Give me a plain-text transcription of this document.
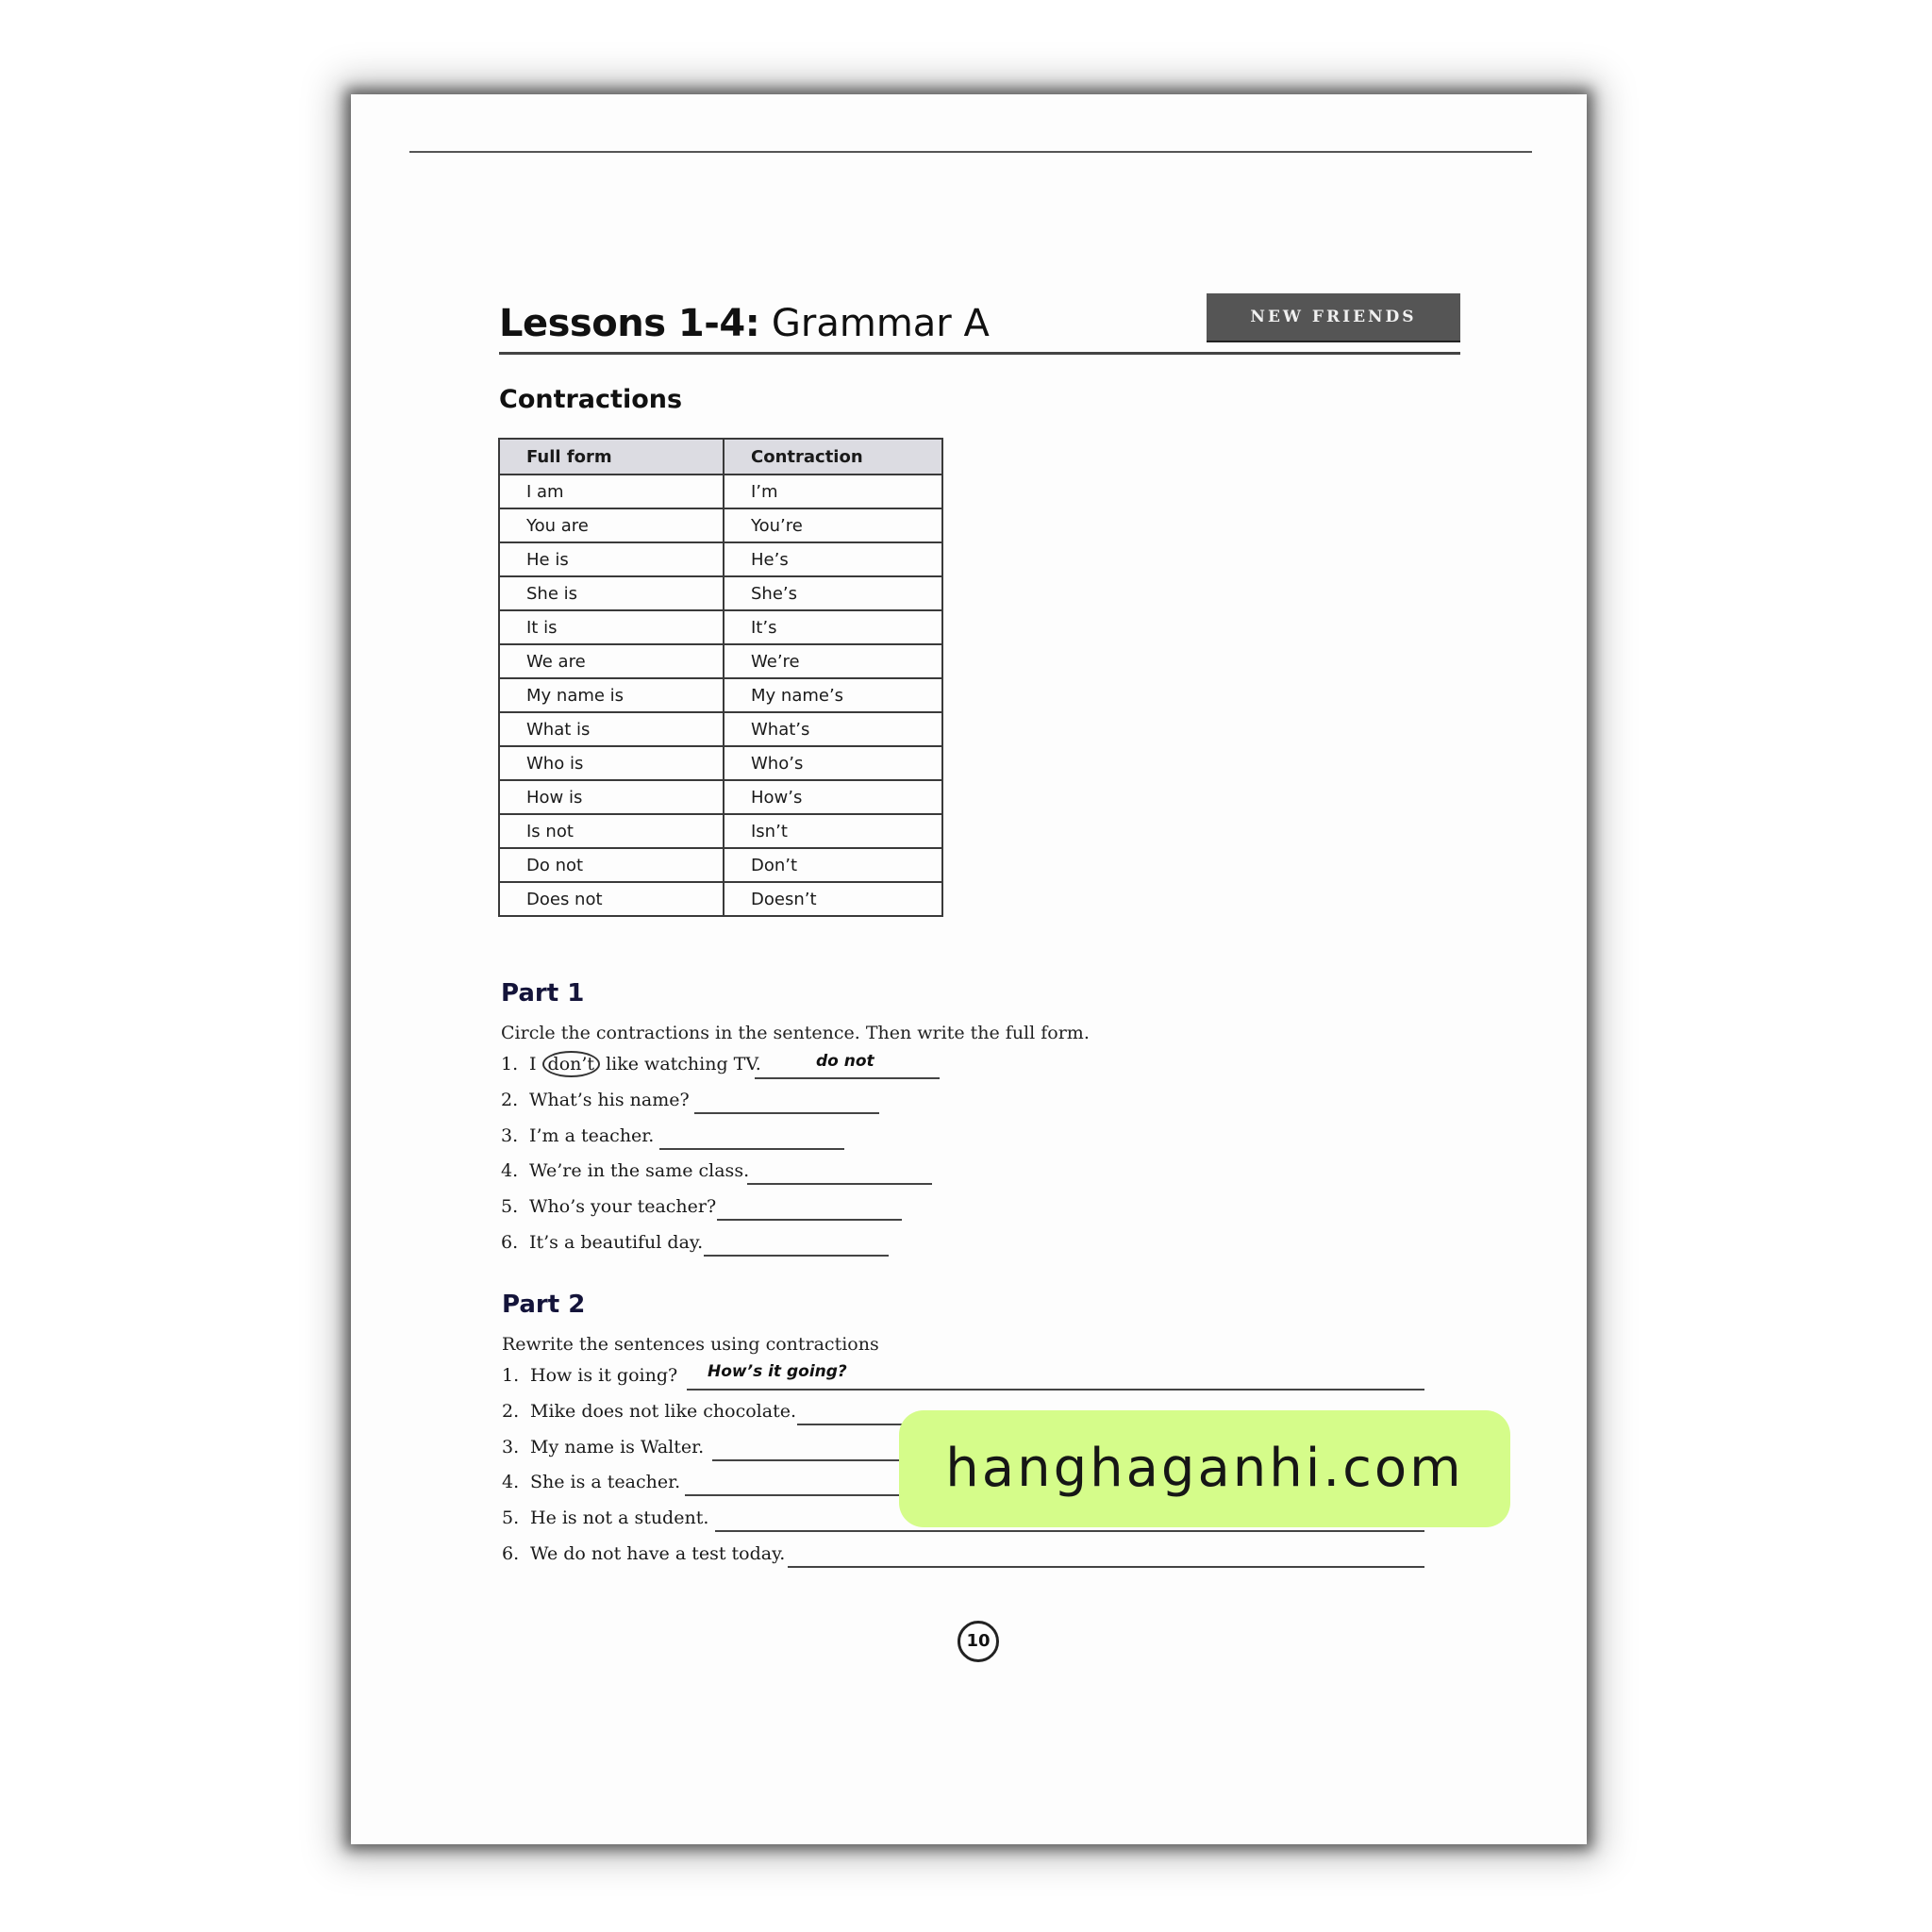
Lessons 1-4: Grammar A	NEW FRIENDS
Contractions
Full form	Contraction
I am	I’m
You are	You’re
He is	He’s
She is	She’s
It is	It’s
We are	We’re
My name is	My name’s
What is	What’s
Who is	Who’s
How is	How’s
Is not	Isn’t
Do not	Don’t
Does not	Doesn’t
Part 1
Circle the contractions in the sentence. Then write the full form.
1. I don’t like watching TV.	do not
2. What’s his name?
3. I’m a teacher.
4. We’re in the same class.
5. Who’s your teacher?
6. It’s a beautiful day.
Part 2
Rewrite the sentences using contractions
1. How is it going? How’s it going?
2. Mike does not like chocolate.
3. My name is Walter.
4. She is a teacher.
5. He is not a student.
6. We do not have a test today.
10
hanghaganhi.com
